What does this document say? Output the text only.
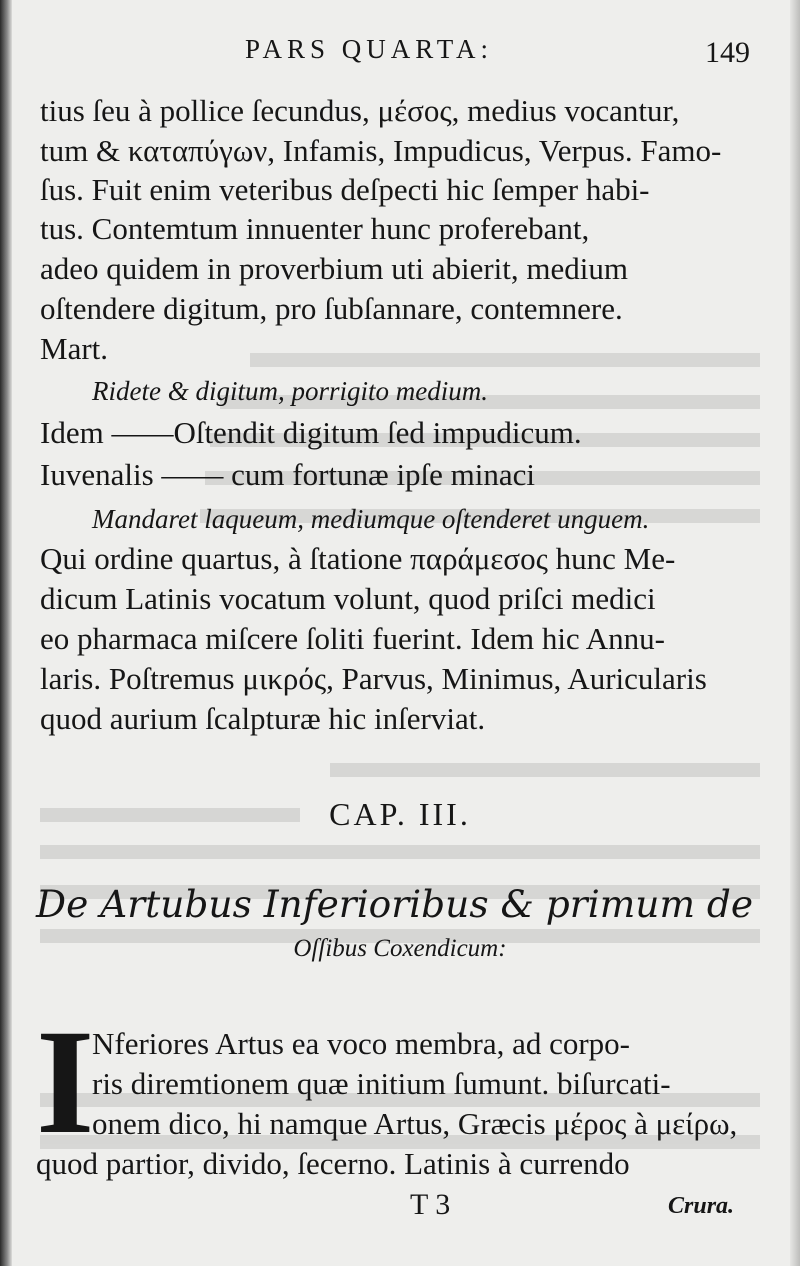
PARS QUARTA:	149
tius ſeu à pollice ſecundus, μέσος, medius vocantur,
tum & καταπύγων, Infamis, Impudicus, Verpus. Famo-
ſus. Fuit enim veteribus deſpecti hic ſemper habi-
tus. Contemtum innuenter hunc proferebant,
adeo quidem in proverbium uti abierit, medium
oſtendere digitum, pro ſubſannare, contemnere.
Mart.
Ridete & digitum, porrigito medium.
Idem ——Oſtendit digitum ſed impudicum.
Iuvenalis —— cum fortunæ ipſe minaci
Mandaret laqueum, mediumque oſtenderet unguem.
Qui ordine quartus, à ſtatione παράμεσος hunc Me-
dicum Latinis vocatum volunt, quod priſci medici
eo pharmaca miſcere ſoliti fuerint. Idem hic Annu-
laris. Poſtremus μικρός, Parvus, Minimus, Auricularis
quod aurium ſcalpturæ hic inſerviat.
CAP. III.
De Artubus Inferioribus & primum de
Oſſibus Coxendicum:
I
Nferiores Artus ea voco membra, ad corpo-
ris diremtionem quæ initium ſumunt. biſurcati-
onem dico, hi namque Artus, Græcis μέρος à μείρω,
quod partior, divido, ſecerno. Latinis à currendo
T 3	Crura.
